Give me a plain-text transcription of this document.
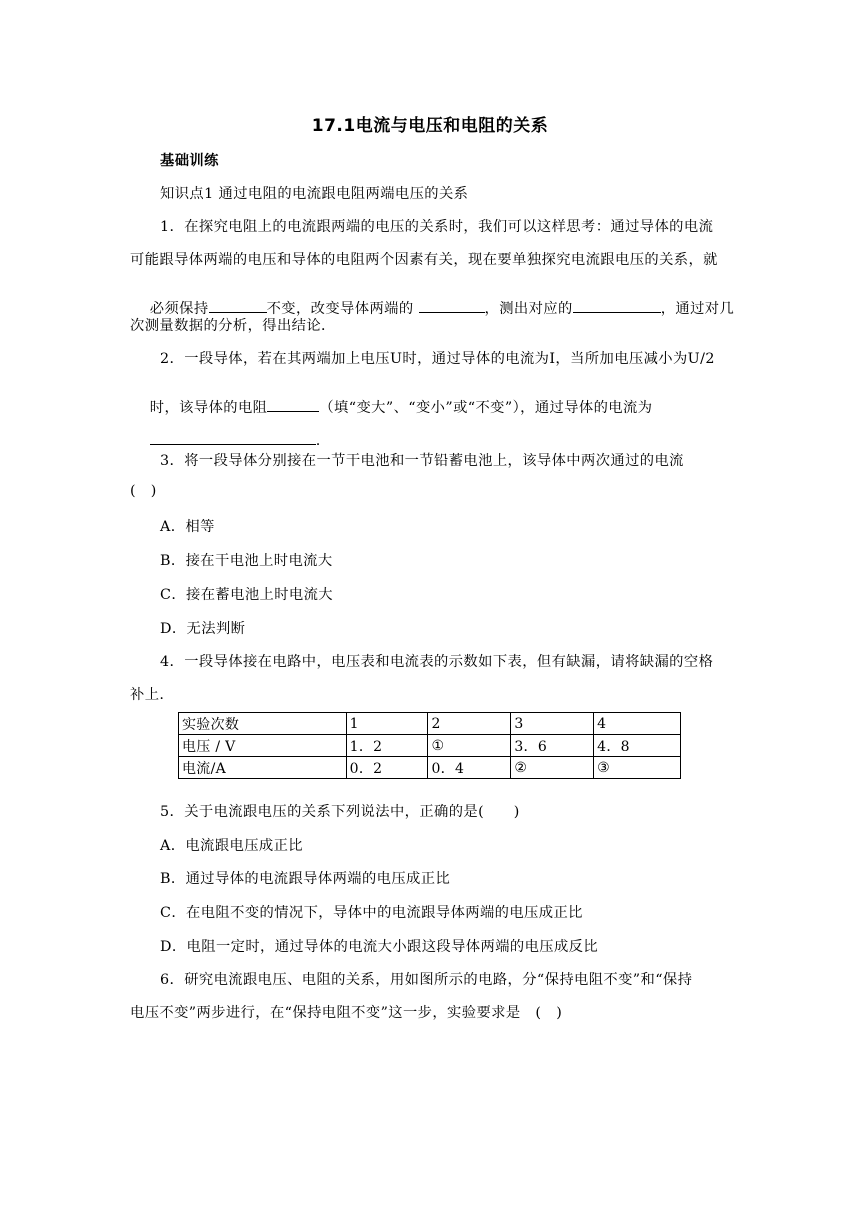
17.1电流与电压和电阻的关系
基础训练
知识点1 通过电阻的电流跟电阻两端电压的关系
1．在探究电阻上的电流跟两端的电压的关系时，我们可以这样思考：通过导体的电流
可能跟导体两端的电压和导体的电阻两个因素有关，现在要单独探究电流跟电压的关系，就

必须保持	不变，改变导体两端的	，测出对应的	，通过对几

次测量数据的分析，得出结论．
2．一段导体，若在其两端加上电压U时，通过导体的电流为I，当所加电压减小为U/2

时，该导体的电阻	（填“变大”、“变小”或“不变”），通过导体的电流为

.

3．将一段导体分别接在一节干电池和一节铅蓄电池上，该导体中两次通过的电流
(   )
A．相等
B．接在干电池上时电流大
C．接在蓄电池上时电流大
D．无法判断
4．一段导体接在电路中，电压表和电流表的示数如下表，但有缺漏，请将缺漏的空格
补上.
实验次数	1	2	3	4
电压 / V	1．2	①	3．6	4．8
电流/A	0．2	0．4	②	③
5．关于电流跟电压的关系下列说法中，正确的是(      )
A．电流跟电压成正比
B．通过导体的电流跟导体两端的电压成正比
C．在电阻不变的情况下，导体中的电流跟导体两端的电压成正比
D．电阻一定时，通过导体的电流大小跟这段导体两端的电压成反比
6．研究电流跟电压、电阻的关系，用如图所示的电路，分“保持电阻不变”和“保持
电压不变”两步进行，在“保持电阻不变”这一步，实验要求是   (   )
